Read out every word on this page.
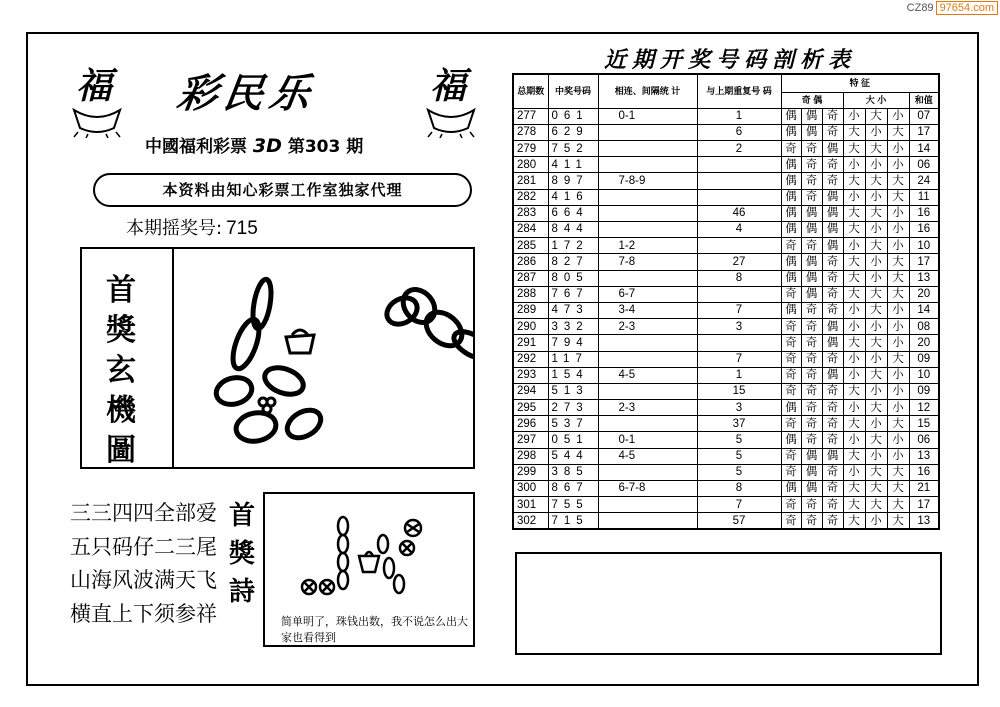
CZ89 97654.com
福	福
彩民乐
中國福利彩票 3D 第303 期
本资料由知心彩票工作室独家代理
本期摇奖号: 715
首獎玄機圖
三三四四全部爱
五只码仔二三尾
山海风波满天飞
横直上下须参祥
首獎詩
简单明了，珠钱出数，我不说怎么出大家也看得到
近期开奖号码剖析表
总期数	中奖号码	相连、间隔统 计	与上期重复号 码	特 征						
				奇 偶			大 小			和值

277	061	0-1	1	偶	偶	奇	小	大	小	07
278	629		6	偶	偶	奇	大	小	大	17
279	752		2	奇	奇	偶	大	大	小	14
280	411			偶	奇	奇	小	小	小	06
281	897	7-8-9		偶	奇	奇	大	大	大	24
282	416			偶	奇	偶	小	小	大	11
283	664		46	偶	偶	偶	大	大	小	16
284	844		4	偶	偶	偶	大	小	小	16
285	172	1-2		奇	奇	偶	小	大	小	10
286	827	7-8	27	偶	偶	奇	大	小	大	17
287	805		8	偶	偶	奇	大	小	大	13
288	767	6-7		奇	偶	奇	大	大	大	20
289	473	3-4	7	偶	奇	奇	小	大	小	14
290	332	2-3	3	奇	奇	偶	小	小	小	08
291	794			奇	奇	偶	大	大	小	20
292	117		7	奇	奇	奇	小	小	大	09
293	154	4-5	1	奇	奇	偶	小	大	小	10
294	513		15	奇	奇	奇	大	小	小	09
295	273	2-3	3	偶	奇	奇	小	大	小	12
296	537		37	奇	奇	奇	大	小	大	15
297	051	0-1	5	偶	奇	奇	小	大	小	06
298	544	4-5	5	奇	偶	偶	大	小	小	13
299	385		5	奇	偶	奇	小	大	大	16
300	867	6-7-8	8	偶	偶	奇	大	大	大	21
301	755		7	奇	奇	奇	大	大	大	17
302	715		57	奇	奇	奇	大	小	大	13
